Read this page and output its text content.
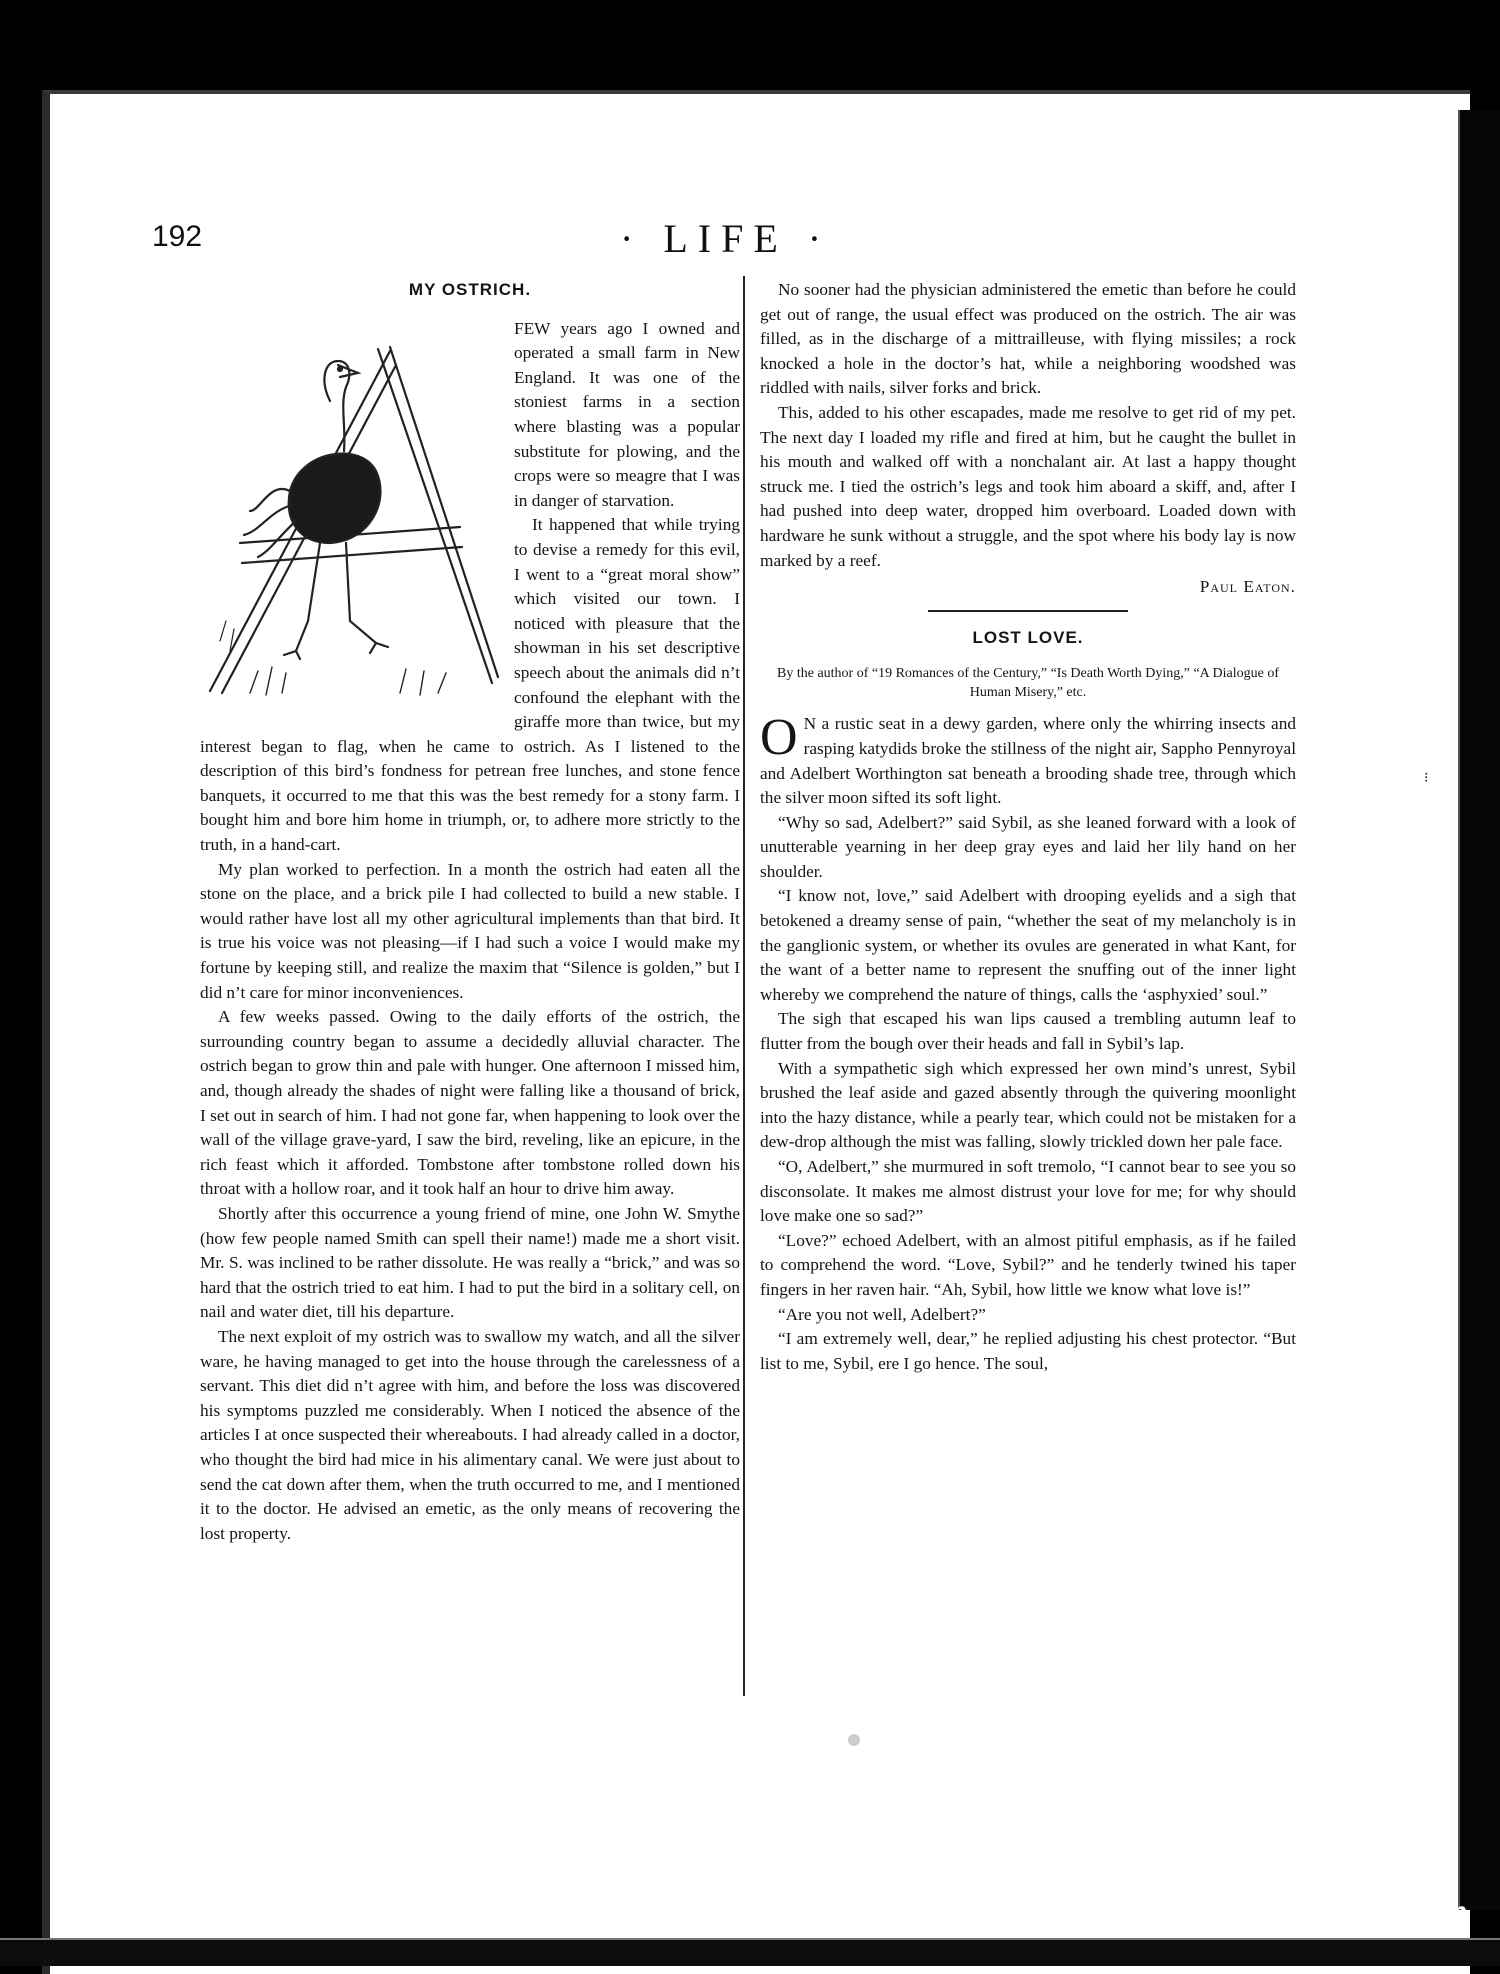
192	· LIFE ·
MY OSTRICH.

FEW years ago I owned and operated a small farm in New England. It was one of the stoniest farms in a section where blasting was a popular substitute for plowing, and the crops were so meagre that I was in danger of starvation.

It happened that while trying to devise a remedy for this evil, I went to a “great moral show” which visited our town. I noticed with pleasure that the showman in his set descriptive speech about the animals did n’t confound the elephant with the giraffe more than twice, but my interest began to flag, when he came to ostrich. As I listened to the description of this bird’s fondness for petrean free lunches, and stone fence banquets, it occurred to me that this was the best remedy for a stony farm. I bought him and bore him home in triumph, or, to adhere more strictly to the truth, in a hand-cart.

My plan worked to perfection. In a month the ostrich had eaten all the stone on the place, and a brick pile I had collected to build a new stable. I would rather have lost all my other agricultural implements than that bird. It is true his voice was not pleasing—if I had such a voice I would make my fortune by keeping still, and realize the maxim that “Silence is golden,” but I did n’t care for minor inconveniences.

A few weeks passed. Owing to the daily efforts of the ostrich, the surrounding country began to assume a decidedly alluvial character. The ostrich began to grow thin and pale with hunger. One afternoon I missed him, and, though already the shades of night were falling like a thousand of brick, I set out in search of him. I had not gone far, when happening to look over the wall of the village grave-yard, I saw the bird, reveling, like an epicure, in the rich feast which it afforded. Tombstone after tombstone rolled down his throat with a hollow roar, and it took half an hour to drive him away.

Shortly after this occurrence a young friend of mine, one John W. Smythe (how few people named Smith can spell their name!) made me a short visit. Mr. S. was inclined to be rather dissolute. He was really a “brick,” and was so hard that the ostrich tried to eat him. I had to put the bird in a solitary cell, on nail and water diet, till his departure.

The next exploit of my ostrich was to swallow my watch, and all the silver ware, he having managed to get into the house through the carelessness of a servant. This diet did n’t agree with him, and before the loss was discovered his symptoms puzzled me considerably. When I noticed the absence of the articles I at once suspected their whereabouts. I had already called in a doctor, who thought the bird had mice in his alimentary canal. We were just about to send the cat down after them, when the truth occurred to me, and I mentioned it to the doctor. He advised an emetic, as the only means of recovering the lost property.

No sooner had the physician administered the emetic than before he could get out of range, the usual effect was produced on the ostrich. The air was filled, as in the discharge of a mittrailleuse, with flying missiles; a rock knocked a hole in the doctor’s hat, while a neighboring woodshed was riddled with nails, silver forks and brick.

This, added to his other escapades, made me resolve to get rid of my pet. The next day I loaded my rifle and fired at him, but he caught the bullet in his mouth and walked off with a nonchalant air. At last a happy thought struck me. I tied the ostrich’s legs and took him aboard a skiff, and, after I had pushed into deep water, dropped him overboard. Loaded down with hardware he sunk without a struggle, and the spot where his body lay is now marked by a reef.

Paul Eaton.
LOST LOVE.
By the author of “19 Romances of the Century,” “Is Death Worth Dying,” “A Dialogue of Human Misery,” etc.

O N a rustic seat in a dewy garden, where only the whirring insects and rasping katydids broke the stillness of the night air, Sappho Pennyroyal and Adelbert Worthington sat beneath a brooding shade tree, through which the silver moon sifted its soft light.

“Why so sad, Adelbert?” said Sybil, as she leaned forward with a look of unutterable yearning in her deep gray eyes and laid her lily hand on her shoulder.

“I know not, love,” said Adelbert with drooping eyelids and a sigh that betokened a dreamy sense of pain, “whether the seat of my melancholy is in the ganglionic system, or whether its ovules are generated in what Kant, for the want of a better name to represent the snuffing out of the inner light whereby we comprehend the nature of things, calls the ‘asphyxied’ soul.”

The sigh that escaped his wan lips caused a trembling autumn leaf to flutter from the bough over their heads and fall in Sybil’s lap.

With a sympathetic sigh which expressed her own mind’s unrest, Sybil brushed the leaf aside and gazed absently through the quivering moonlight into the hazy distance, while a pearly tear, which could not be mistaken for a dew-drop although the mist was falling, slowly trickled down her pale face.

“O, Adelbert,” she murmured in soft tremolo, “I cannot bear to see you so disconsolate. It makes me almost distrust your love for me; for why should love make one so sad?”

“Love?” echoed Adelbert, with an almost pitiful emphasis, as if he failed to comprehend the word. “Love, Sybil?” and he tenderly twined his taper fingers in her raven hair. “Ah, Sybil, how little we know what love is!”

“Are you not well, Adelbert?”

“I am extremely well, dear,” he replied adjusting his chest protector. “But list to me, Sybil, ere I go hence. The soul,

⁝
comicbooks.com
